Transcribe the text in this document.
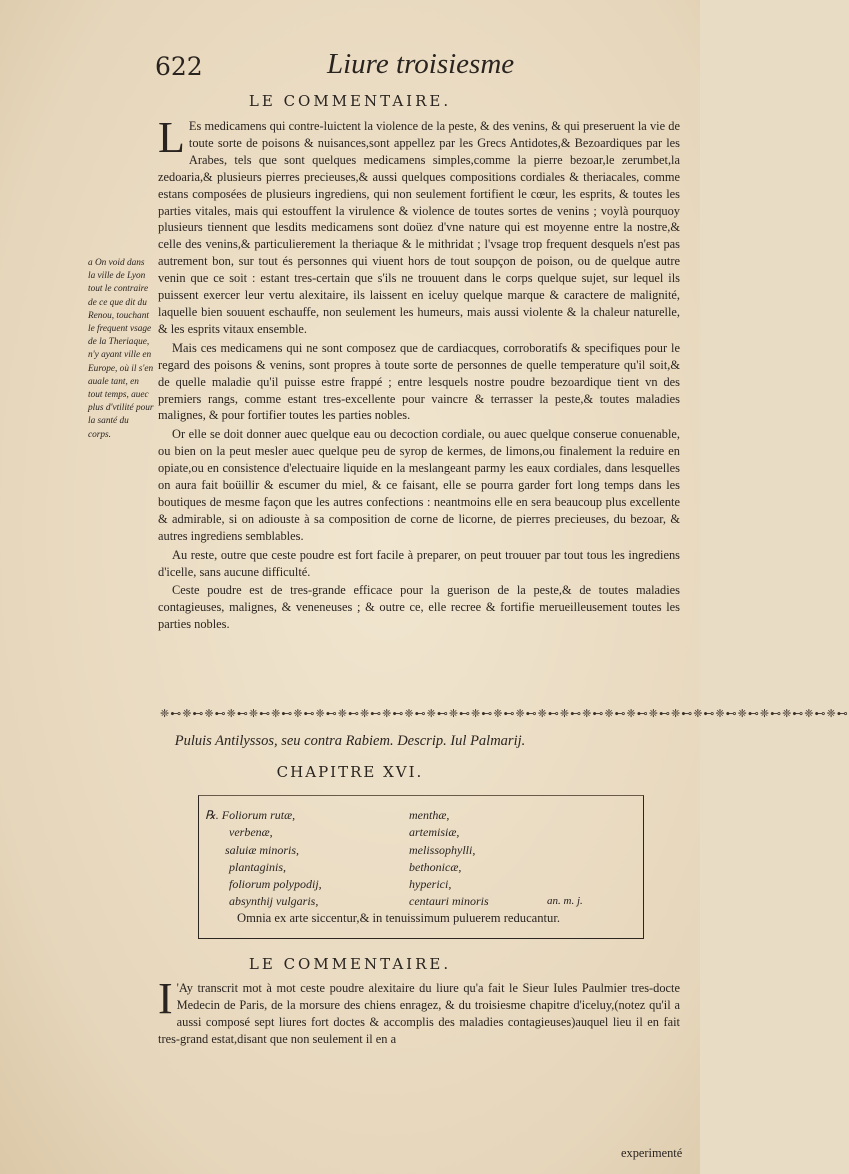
622	Liure troisiesme
LE COMMENTAIRE.

L Es medicamens qui contre-luictent la violence de la peste, & des venins, & qui preseruent la vie de toute sorte de poisons & nuisances,sont appellez par les Grecs Antidotes,& Bezoardiques par les Arabes, tels que sont quelques medicamens simples,comme la pierre bezoar,le zerumbet,la zedoaria,& plusieurs pierres precieuses,& aussi quelques compositions cordiales & theriacales, comme estans composées de plusieurs ingrediens, qui non seulement fortifient le cœur, les esprits, & toutes les parties vitales, mais qui estouffent la virulence & violence de toutes sortes de venins ; voylà pourquoy plusieurs tiennent que lesdits medicamens sont doüez d'vne nature qui est moyenne entre la nostre,& celle des venins,& particulierement la theriaque & le mithridat ; l'vsage trop frequent desquels n'est pas autrement bon, sur tout és personnes qui viuent hors de tout soupçon de poison, ou de quelque autre venin que ce soit : estant tres-certain que s'ils ne trouuent dans le corps quelque sujet, sur lequel ils puissent exercer leur vertu alexitaire, ils laissent en iceluy quelque marque & caractere de malignité, laquelle bien souuent eschauffe, non seulement les humeurs, mais aussi violente & la chaleur naturelle, & les esprits vitaux ensemble.

Mais ces medicamens qui ne sont composez que de cardiacques, corroboratifs & specifiques pour le regard des poisons & venins, sont propres à toute sorte de personnes de quelle temperature qu'il soit,& de quelle maladie qu'il puisse estre frappé ; entre lesquels nostre poudre bezoardique tient vn des premiers rangs, comme estant tres-excellente pour vaincre & terrasser la peste,& toutes maladies malignes, & pour fortifier toutes les parties nobles.

Or elle se doit donner auec quelque eau ou decoction cordiale, ou auec quelque conserue conuenable, ou bien on la peut mesler auec quelque peu de syrop de kermes, de limons,ou finalement la reduire en opiate,ou en consistence d'electuaire liquide en la meslangeant parmy les eaux cordiales, dans lesquelles on aura fait boüillir & escumer du miel, & ce faisant, elle se pourra garder fort long temps dans les boutiques de mesme façon que les autres confections : neantmoins elle en sera beaucoup plus excellente & admirable, si on adiouste à sa composition de corne de licorne, de pierres precieuses, du bezoar, & autres ingrediens semblables.

Au reste, outre que ceste poudre est fort facile à preparer, on peut trouuer par tout tous les ingrediens d'icelle, sans aucune difficulté.

Ceste poudre est de tres-grande efficace pour la guerison de la peste,& de toutes maladies contagieuses, malignes, & veneneuses ; & outre ce, elle recree & fortifie merueilleusement toutes les parties nobles.

a On void dans la ville de Lyon tout le contraire de ce que dit du Renou, touchant le frequent vsage de la Theriaque, n'y ayant ville en Europe, où il s'en auale tant, en tout temps, auec plus d'vtilité pour la santé du corps.
❈⊷❈⊷❈⊷❈⊷❈⊷❈⊷❈⊷❈⊷❈⊷❈⊷❈⊷❈⊷❈⊷❈⊷❈⊷❈⊷❈⊷❈⊷❈⊷❈⊷❈⊷❈⊷❈⊷❈⊷❈⊷❈⊷❈⊷❈⊷❈⊷❈⊷❈⊷
Puluis Antilyssos, seu contra Rabiem. Descrip. Iul Palmarij.
CHAPITRE XVI.
℞. Foliorum rutæ,
verbenæ,
saluiæ minoris,
plantaginis,
foliorum polypodij,
absynthij vulgaris,
menthæ,
artemisiæ,
melissophylli,
bethonicæ,
hyperici,
centauri minoris	an. m. j.
Omnia ex arte siccentur,& in tenuissimum puluerem reducantur.
LE COMMENTAIRE.

I 'Ay transcrit mot à mot ceste poudre alexitaire du liure qu'a fait le Sieur Iules Paulmier tres-docte Medecin de Paris, de la morsure des chiens enragez, & du troisiesme chapitre d'iceluy,(notez qu'il a aussi composé sept liures fort doctes & accomplis des maladies contagieuses)auquel lieu il en fait tres-grand estat,disant que non seulement il en a

experimenté
